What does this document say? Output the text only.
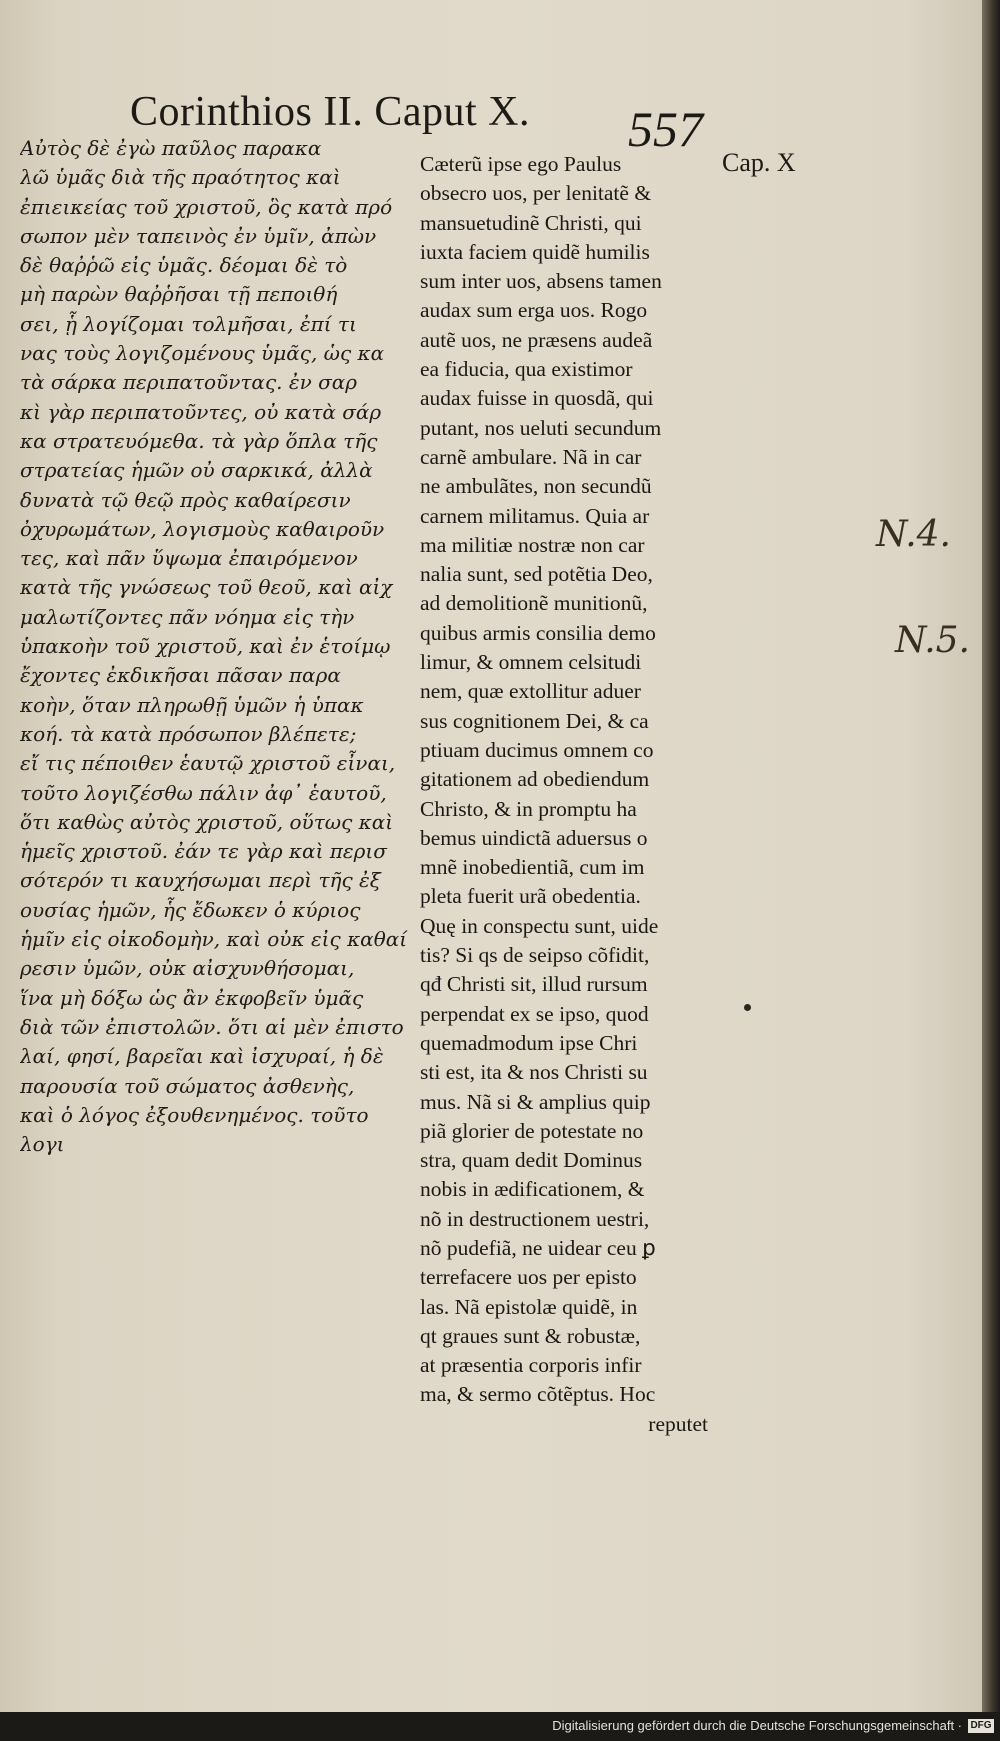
Corinthios II. Caput X. 557
Cap. X
Αὐτὸς δὲ ἐγὼ παῦλος παρακα
λῶ ὑμᾶς διὰ τῆς πραότητος καὶ
ἐπιεικείας τοῦ χριστοῦ, ὃς κατὰ πρό
σωπον μὲν ταπεινὸς ἐν ὑμῖν, ἀπὼν
δὲ θαῤῥῶ εἰς ὑμᾶς. δέομαι δὲ τὸ
μὴ παρὼν θαῤῥῆσαι τῇ πεποιθή
σει, ᾗ λογίζομαι τολμῆσαι, ἐπί τι
νας τοὺς λογιζομένους ὑμᾶς, ὡς κα
τὰ σάρκα περιπατοῦντας. ἐν σαρ
κὶ γὰρ περιπατοῦντες, οὐ κατὰ σάρ
κα στρατευόμεθα. τὰ γὰρ ὅπλα τῆς
στρατείας ἡμῶν οὐ σαρκικά, ἀλλὰ
δυνατὰ τῷ θεῷ πρὸς καθαίρεσιν
ὀχυρωμάτων, λογισμοὺς καθαιροῦν
τες, καὶ πᾶν ὕψωμα ἐπαιρόμενον
κατὰ τῆς γνώσεως τοῦ θεοῦ, καὶ αἰχ
μαλωτίζοντες πᾶν νόημα εἰς τὴν
ὑπακοὴν τοῦ χριστοῦ, καὶ ἐν ἑτοίμῳ
ἔχοντες ἐκδικῆσαι πᾶσαν παρα
κοὴν, ὅταν πληρωθῇ ὑμῶν ἡ ὑπακ
κοή. τὰ κατὰ πρόσωπον βλέπετε;
εἴ τις πέποιθεν ἑαυτῷ χριστοῦ εἶναι,
τοῦτο λογιζέσθω πάλιν ἀφ᾽ ἑαυτοῦ,
ὅτι καθὼς αὐτὸς χριστοῦ, οὕτως καὶ
ἡμεῖς χριστοῦ. ἐάν τε γὰρ καὶ περισ
σότερόν τι καυχήσωμαι περὶ τῆς ἐξ
ουσίας ἡμῶν, ἧς ἔδωκεν ὁ κύριος
ἡμῖν εἰς οἰκοδομὴν, καὶ οὐκ εἰς καθαί
ρεσιν ὑμῶν, οὐκ αἰσχυνθήσομαι,
ἵνα μὴ δόξω ὡς ἂν ἐκφοβεῖν ὑμᾶς
διὰ τῶν ἐπιστολῶν. ὅτι αἱ μὲν ἐπιστο
λαί, φησί, βαρεῖαι καὶ ἰσχυραί, ἡ δὲ
παρουσία τοῦ σώματος ἀσθενὴς,
καὶ ὁ λόγος ἐξουθενημένος. τοῦτο
λογι
Cæterũ ipse ego Paulus
obsecro uos, per lenitatẽ &
mansuetudinẽ Christi, qui
iuxta faciem quidẽ humilis
sum inter uos, absens tamen
audax sum erga uos. Rogo
autẽ uos, ne præsens audeã
ea fiducia, qua existimor
audax fuisse in quosdã, qui
putant, nos ueluti secundum
carnẽ ambulare. Nã in car
ne ambulãtes, non secundũ
carnem militamus. Quia ar
ma militiæ nostræ non car
nalia sunt, sed potẽtia Deo,
ad demolitionẽ munitionũ,
quibus armis consilia demo
limur, & omnem celsitudi
nem, quæ extollitur aduer
sus cognitionem Dei, & ca
ptiuam ducimus omnem co
gitationem ad obediendum
Christo, & in promptu ha
bemus uindictã aduersus o
mnẽ inobedientiã, cum im
pleta fuerit urã obedentia.
Quę in conspectu sunt, uide
tis? Si qs de seipso cõfidit,
qđ Christi sit, illud rursum
perpendat ex se ipso, quod
quemadmodum ipse Chri
sti est, ita & nos Christi su
mus. Nã si & amplius quip
piã glorier de potestate no
stra, quam dedit Dominus
nobis in ædificationem, &
nõ in destructionem uestri,
nõ pudefiã, ne uidear ceu ꝑ
terrefacere uos per episto
las. Nã epistolæ quidẽ, in
qt graues sunt & robustæ,
at præsentia corporis infir
ma, & sermo cõtẽptus. Hoc
reputet
N.4.
N.5.
Digitalisierung gefördert durch die Deutsche Forschungsgemeinschaft · DFG
